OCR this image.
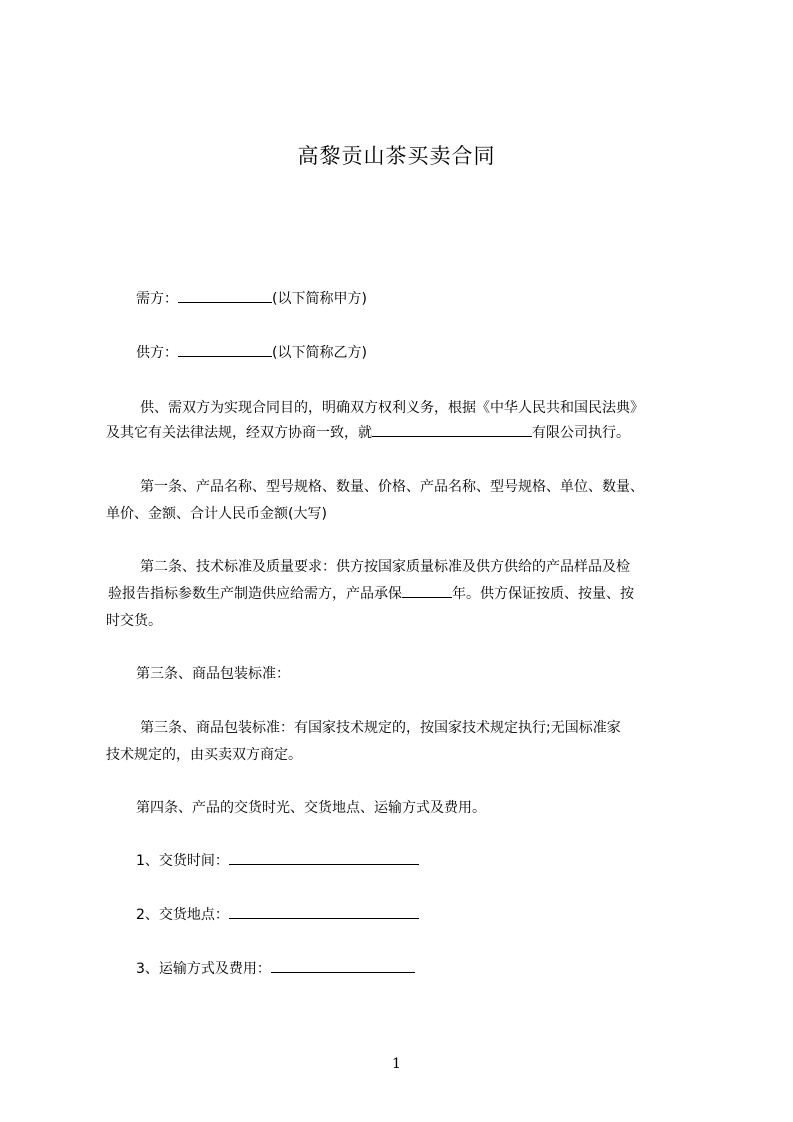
高黎贡山茶买卖合同
需方：	(以下简称甲方)
供方：	(以下简称乙方)
供、需双方为实现合同目的，明确双方权利义务，根据《中华人民共和国民法典》
及其它有关法律法规，经双方协商一致，就	有限公司执行。
第一条、产品名称、型号规格、数量、价格、产品名称、型号规格、单位、数量、
单价、金额、合计人民币金额(大写)
第二条、技术标准及质量要求：供方按国家质量标准及供方供给的产品样品及检
验报告指标参数生产制造供应给需方，产品承保	年。供方保证按质、按量、按
时交货。
第三条、商品包装标准：
第三条、商品包装标准：有国家技术规定的，按国家技术规定执行;无国标准家
技术规定的，由买卖双方商定。
第四条、产品的交货时光、交货地点、运输方式及费用。
1、交货时间：
2、交货地点：
3、运输方式及费用：
1
